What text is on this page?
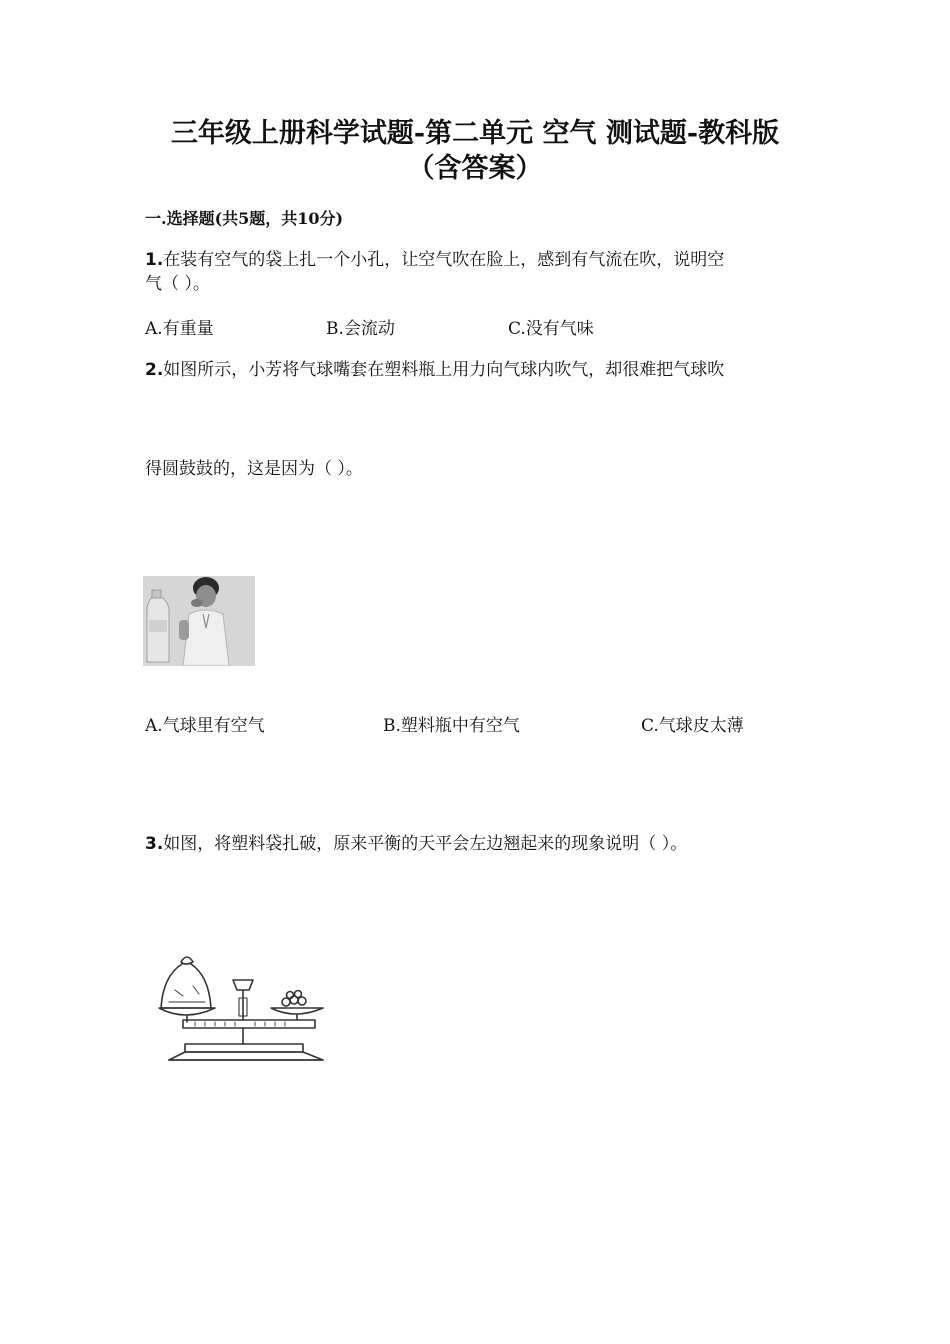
三年级上册科学试题-第二单元 空气 测试题-教科版
（含答案）
一.选择题(共5题，共10分)
1.在装有空气的袋上扎一个小孔，让空气吹在脸上，感到有气流在吹，说明空
气（ ）。
A.有重量	B.会流动	C.没有气味
2.如图所示，小芳将气球嘴套在塑料瓶上用力向气球内吹气，却很难把气球吹
得圆鼓鼓的，这是因为（ ）。
A.气球里有空气	B.塑料瓶中有空气	C.气球皮太薄
3.如图，将塑料袋扎破，原来平衡的天平会左边翘起来的现象说明（ ）。
